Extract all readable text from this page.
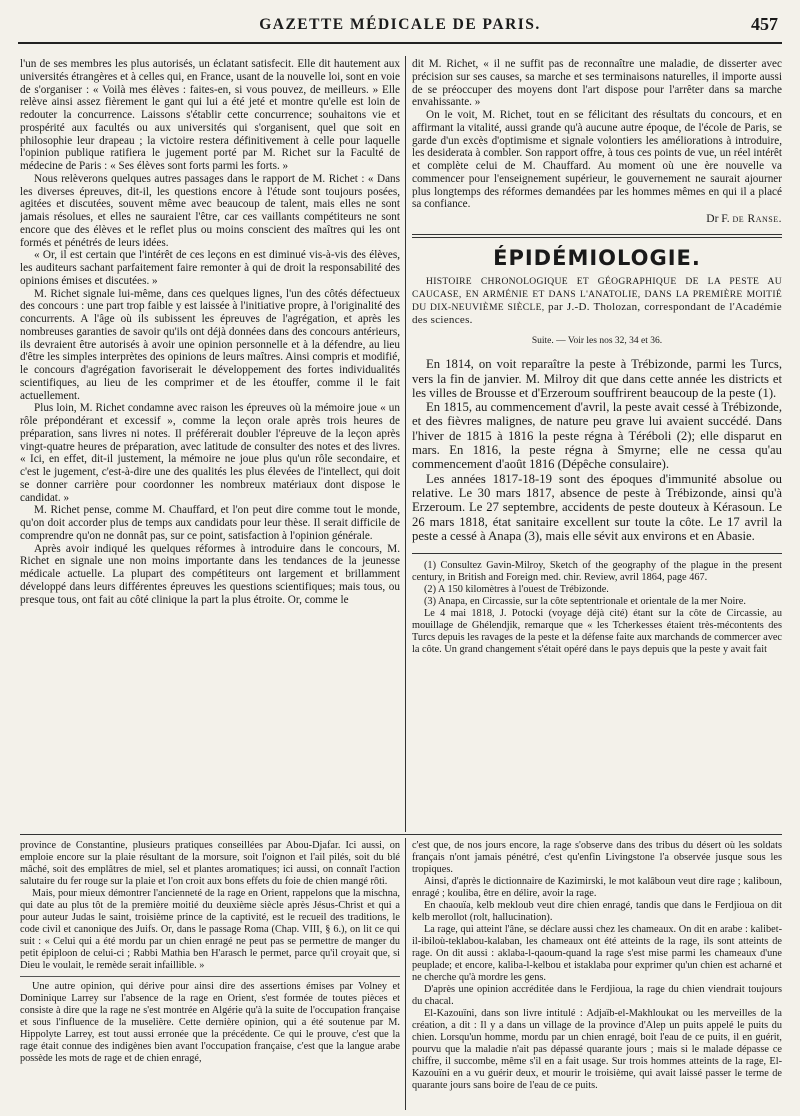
GAZETTE MÉDICALE DE PARIS.	457

l'un de ses membres les plus autorisés, un éclatant satisfecit. Elle dit hautement aux universités étrangères et à celles qui, en France, usant de la nouvelle loi, sont en voie de s'organiser : « Voilà mes élèves : faites-en, si vous pouvez, de meilleurs. » Elle relève ainsi assez fièrement le gant qui lui a été jeté et montre qu'elle est loin de redouter la concurrence. Laissons s'établir cette concurrence; souhaitons vie et prospérité aux facultés ou aux universités qui s'organisent, quel que soit en philosophie leur drapeau ; la victoire restera définitivement à celle pour laquelle l'opinion publique ratifiera le jugement porté par M. Richet sur la Faculté de médecine de Paris : « Ses élèves sont forts parmi les forts. »

Nous relèverons quelques autres passages dans le rapport de M. Richet : « Dans les diverses épreuves, dit-il, les questions encore à l'étude sont toujours posées, agitées et discutées, souvent même avec beaucoup de talent, mais elles ne sont jamais résolues, et elles ne sauraient l'être, car ces vaillants compétiteurs ne sont encore que des élèves et le reflet plus ou moins conscient des maîtres qui les ont formés et pénétrés de leurs idées.

« Or, il est certain que l'intérêt de ces leçons en est diminué vis-à-vis des élèves, les auditeurs sachant parfaitement faire remonter à qui de droit la responsabilité des opinions émises et discutées. »

M. Richet signale lui-même, dans ces quelques lignes, l'un des côtés défectueux des concours : une part trop faible y est laissée à l'initiative propre, à l'originalité des concurrents. A l'âge où ils subissent les épreuves de l'agrégation, et après les nombreuses garanties de savoir qu'ils ont déjà données dans des concours antérieurs, ils devraient être autorisés à avoir une opinion personnelle et à la défendre, au lieu d'être les simples interprètes des opinions de leurs maîtres. Ainsi compris et modifié, le concours d'agrégation favoriserait le développement des fortes individualités scientifiques, au lieu de les comprimer et de les étouffer, comme il le fait actuellement.

Plus loin, M. Richet condamne avec raison les épreuves où la mémoire joue « un rôle prépondérant et excessif », comme la leçon orale après trois heures de préparation, sans livres ni notes. Il préférerait doubler l'épreuve de la leçon après vingt-quatre heures de préparation, avec latitude de consulter des notes et des livres. « Ici, en effet, dit-il justement, la mémoire ne joue plus qu'un rôle secondaire, et c'est le jugement, c'est-à-dire une des qualités les plus élevées de l'intellect, qui doit se donner carrière pour coordonner les nombreux matériaux dont dispose le candidat. »

M. Richet pense, comme M. Chauffard, et l'on peut dire comme tout le monde, qu'on doit accorder plus de temps aux candidats pour leur thèse. Il serait difficile de comprendre qu'on ne donnât pas, sur ce point, satisfaction à l'opinion générale.

Après avoir indiqué les quelques réformes à introduire dans le concours, M. Richet en signale une non moins importante dans les tendances de la jeunesse médicale actuelle. La plupart des compétiteurs ont largement et brillamment développé dans leurs différentes épreuves les questions scientifiques; mais tous, ou presque tous, ont fait au côté clinique la part la plus étroite. Or, comme le

dit M. Richet, « il ne suffit pas de reconnaître une maladie, de disserter avec précision sur ses causes, sa marche et ses terminaisons naturelles, il importe aussi de se préoccuper des moyens dont l'art dispose pour l'arrêter dans sa marche envahissante. »

On le voit, M. Richet, tout en se félicitant des résultats du concours, et en affirmant la vitalité, aussi grande qu'à aucune autre époque, de l'école de Paris, se garde d'un excès d'optimisme et signale volontiers les améliorations à introduire, les desiderata à combler. Son rapport offre, à tous ces points de vue, un réel intérêt et complète celui de M. Chauffard. Au moment où une ère nouvelle va commencer pour l'enseignement supérieur, le gouvernement ne saurait ajourner plus longtemps des réformes demandées par les hommes mêmes en qui il a placé sa confiance.

Dr F. de Ranse.
ÉPIDÉMIOLOGIE.
HISTOIRE CHRONOLOGIQUE ET GÉOGRAPHIQUE DE LA PESTE AU CAUCASE, EN ARMÉNIE ET DANS L'ANATOLIE, DANS LA PREMIÈRE MOITIÉ DU DIX-NEUVIÈME SIÈCLE, par J.-D. Tholozan, correspondant de l'Académie des sciences.
Suite. — Voir les nos 32, 34 et 36.

En 1814, on voit reparaître la peste à Trébizonde, parmi les Turcs, vers la fin de janvier. M. Milroy dit que dans cette année les districts et les villes de Brousse et d'Erzeroum souffrirent beaucoup de la peste (1).

En 1815, au commencement d'avril, la peste avait cessé à Trébizonde, et des fièvres malignes, de nature peu grave lui avaient succédé. Dans l'hiver de 1815 à 1816 la peste régna à Téréboli (2); elle disparut en mars. En 1816, la peste régna à Smyrne; elle ne cessa qu'au commencement d'août 1816 (Dépêche consulaire).

Les années 1817-18-19 sont des époques d'immunité absolue ou relative. Le 30 mars 1817, absence de peste à Trébizonde, ainsi qu'à Erzeroum. Le 27 septembre, accidents de peste douteux à Kérasoun. Le 26 mars 1818, état sanitaire excellent sur toute la côte. Le 17 avril la peste a cessé à Anapa (3), mais elle sévit aux environs et en Abasie.

(1) Consultez Gavin-Milroy, Sketch of the geography of the plague in the present century, in British and Foreign med. chir. Review, avril 1864, page 467.

(2) A 150 kilomètres à l'ouest de Trébizonde.

(3) Anapa, en Circassie, sur la côte septentrionale et orientale de la mer Noire.

Le 4 mai 1818, J. Potocki (voyage déjà cité) étant sur la côte de Circassie, au mouillage de Ghélendjik, remarque que « les Tcherkesses étaient très-mécontents des Turcs depuis les ravages de la peste et la défense faite aux marchands de commercer avec la côte. Un grand changement s'était opéré dans le pays depuis que la peste y avait fait

province de Constantine, plusieurs pratiques conseillées par Abou-Djafar. Ici aussi, on emploie encore sur la plaie résultant de la morsure, soit l'oignon et l'ail pilés, soit du blé mâché, soit des emplâtres de miel, sel et plantes aromatiques; ici aussi, on connaît l'action salutaire du fer rouge sur la plaie et l'on croit aux bons effets du foie de chien mangé rôti.

Mais, pour mieux démontrer l'ancienneté de la rage en Orient, rappelons que la mischna, qui date au plus tôt de la première moitié du deuxième siècle après Jésus-Christ et qui a pour auteur Judas le saint, troisième prince de la captivité, est le recueil des traditions, le code civil et canonique des Juifs. Or, dans le passage Roma (Chap. VIII, § 6.), on lit ce qui suit : « Celui qui a été mordu par un chien enragé ne peut pas se permettre de manger du petit épiploon de celui-ci ; Rabbi Mathia ben H'arasch le permet, parce qu'il croyait que, si Dieu le voulait, le remède serait infaillible. »

Une autre opinion, qui dérive pour ainsi dire des assertions émises par Volney et Dominique Larrey sur l'absence de la rage en Orient, s'est formée de toutes pièces et consiste à dire que la rage ne s'est montrée en Algérie qu'à la suite de l'occupation française et sous l'influence de la muselière. Cette dernière opinion, qui a été soutenue par M. Hippolyte Larrey, est tout aussi erronée que la précédente. Ce qui le prouve, c'est que la rage était connue des indigènes bien avant l'occupation française, c'est que la langue arabe possède les mots de rage et de chien enragé,

c'est que, de nos jours encore, la rage s'observe dans des tribus du désert où les soldats français n'ont jamais pénétré, c'est qu'enfin Livingstone l'a observée jusque sous les tropiques.

Ainsi, d'après le dictionnaire de Kazimirski, le mot kalâboun veut dire rage ; kaliboun, enragé ; kouliba, être en délire, avoir la rage.

En chaouïa, kelb mekloub veut dire chien enragé, tandis que dans le Ferdjioua on dit kelb merollot (rolt, hallucination).

La rage, qui atteint l'âne, se déclare aussi chez les chameaux. On dit en arabe : kalibet-il-ibiloù-teklabou-kalaban, les chameaux ont été atteints de la rage, ils sont atteints de rage. On dit aussi : aklaba-l-qaoum-quand la rage s'est mise parmi les chameaux d'une peuplade; et encore, kaliba-l-kelbou et istaklaba pour exprimer qu'un chien est acharné et ne cherche qu'à mordre les gens.

D'après une opinion accréditée dans le Ferdjioua, la rage du chien viendrait toujours du chacal.

El-Kazouïni, dans son livre intitulé : Adjaïb-el-Makhloukat ou les merveilles de la création, a dit : Il y a dans un village de la province d'Alep un puits appelé le puits du chien. Lorsqu'un homme, mordu par un chien enragé, boit l'eau de ce puits, il en guérit, pourvu que la maladie n'ait pas dépassé quarante jours ; mais si le malade dépasse ce chiffre, il succombe, même s'il en a fait usage. Sur trois hommes atteints de la rage, El-Kazouïni en a vu guérir deux, et mourir le troisième, qui avait laissé passer le terme de quarante jours sans boire de l'eau de ce puits.
